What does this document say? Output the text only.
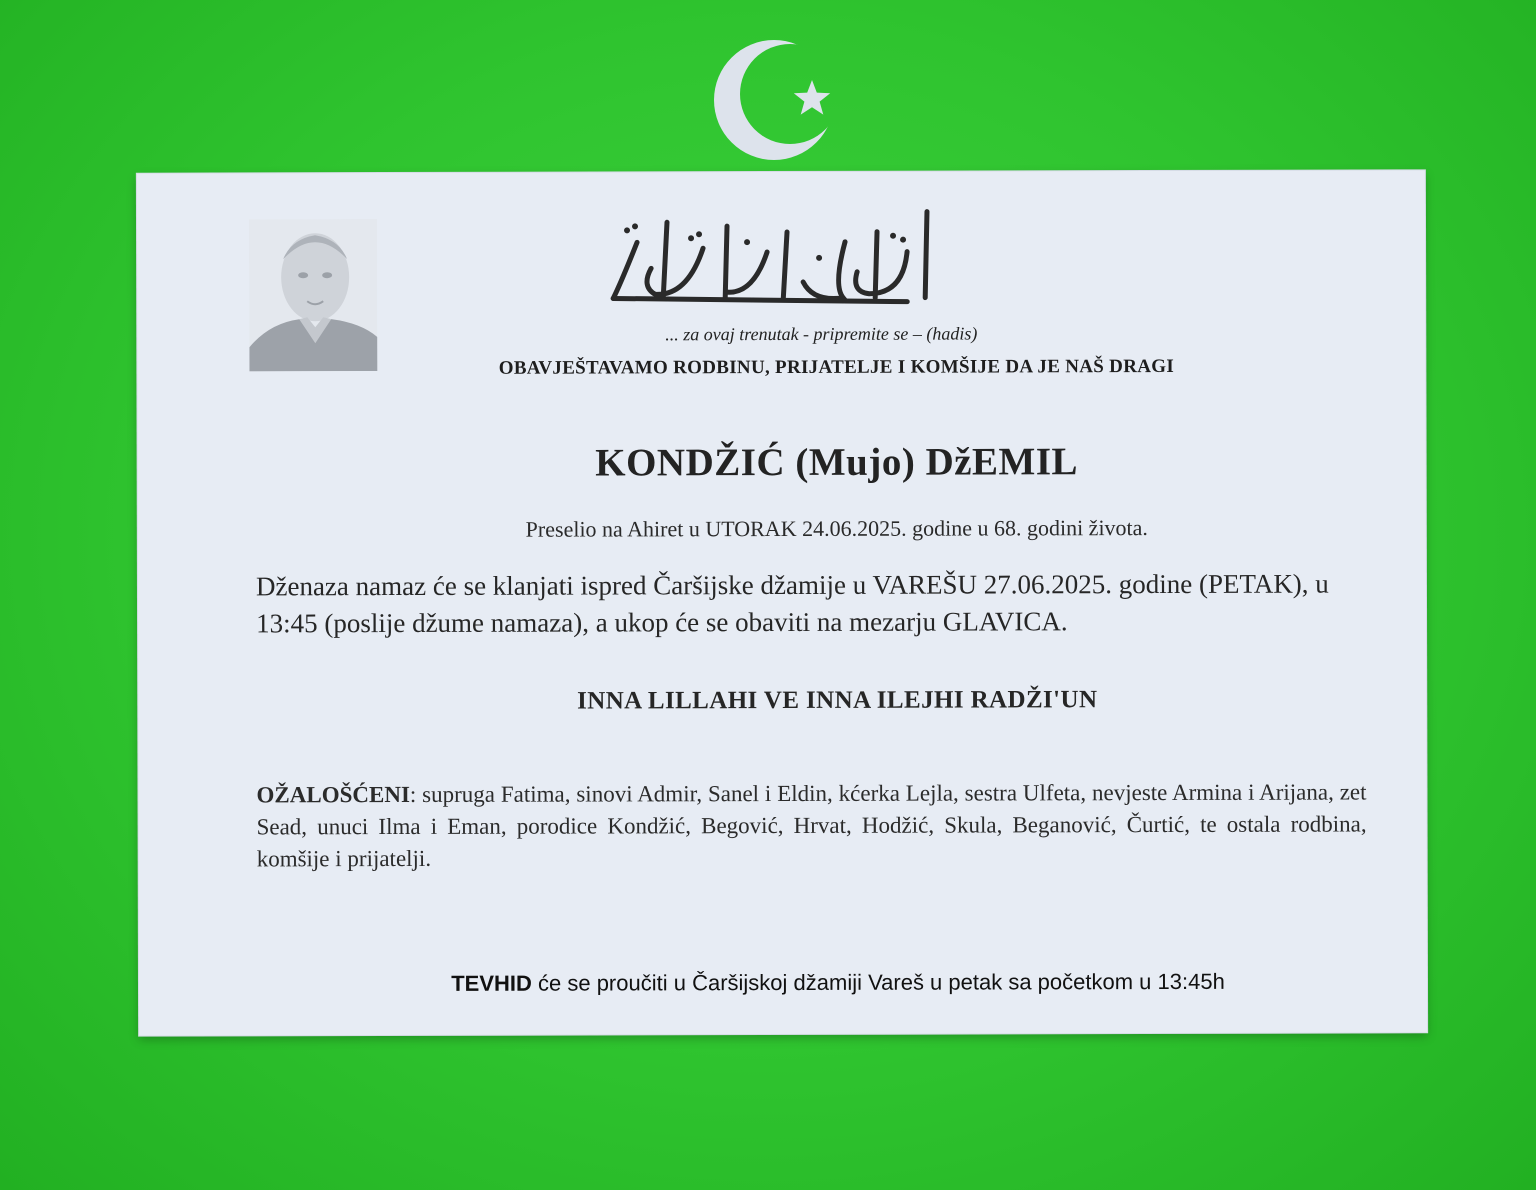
... za ovaj trenutak - pripremite se – (hadis)
OBAVJEŠTAVAMO RODBINU, PRIJATELJE I KOMŠIJE DA JE NAŠ DRAGI
KONDŽIĆ (Mujo) DžEMIL
Preselio na Ahiret u UTORAK 24.06.2025. godine u 68. godini života.
Dženaza namaz će se klanjati ispred Čaršijske džamije u VAREŠU 27.06.2025. godine (PETAK), u 13:45 (poslije džume namaza), a ukop će se obaviti na mezarju GLAVICA.
INNA LILLAHI VE INNA ILEJHI RADŽI'UN
OŽALOŠĆENI: supruga Fatima, sinovi Admir, Sanel i Eldin, kćerka Lejla, sestra Ulfeta, nevjeste Armina i Arijana, zet Sead, unuci Ilma i Eman, porodice Kondžić, Begović, Hrvat, Hodžić, Skula, Beganović, Čurtić, te ostala rodbina, komšije i prijatelji.
TEVHID će se proučiti u Čaršijskoj džamiji Vareš u petak sa početkom u 13:45h
